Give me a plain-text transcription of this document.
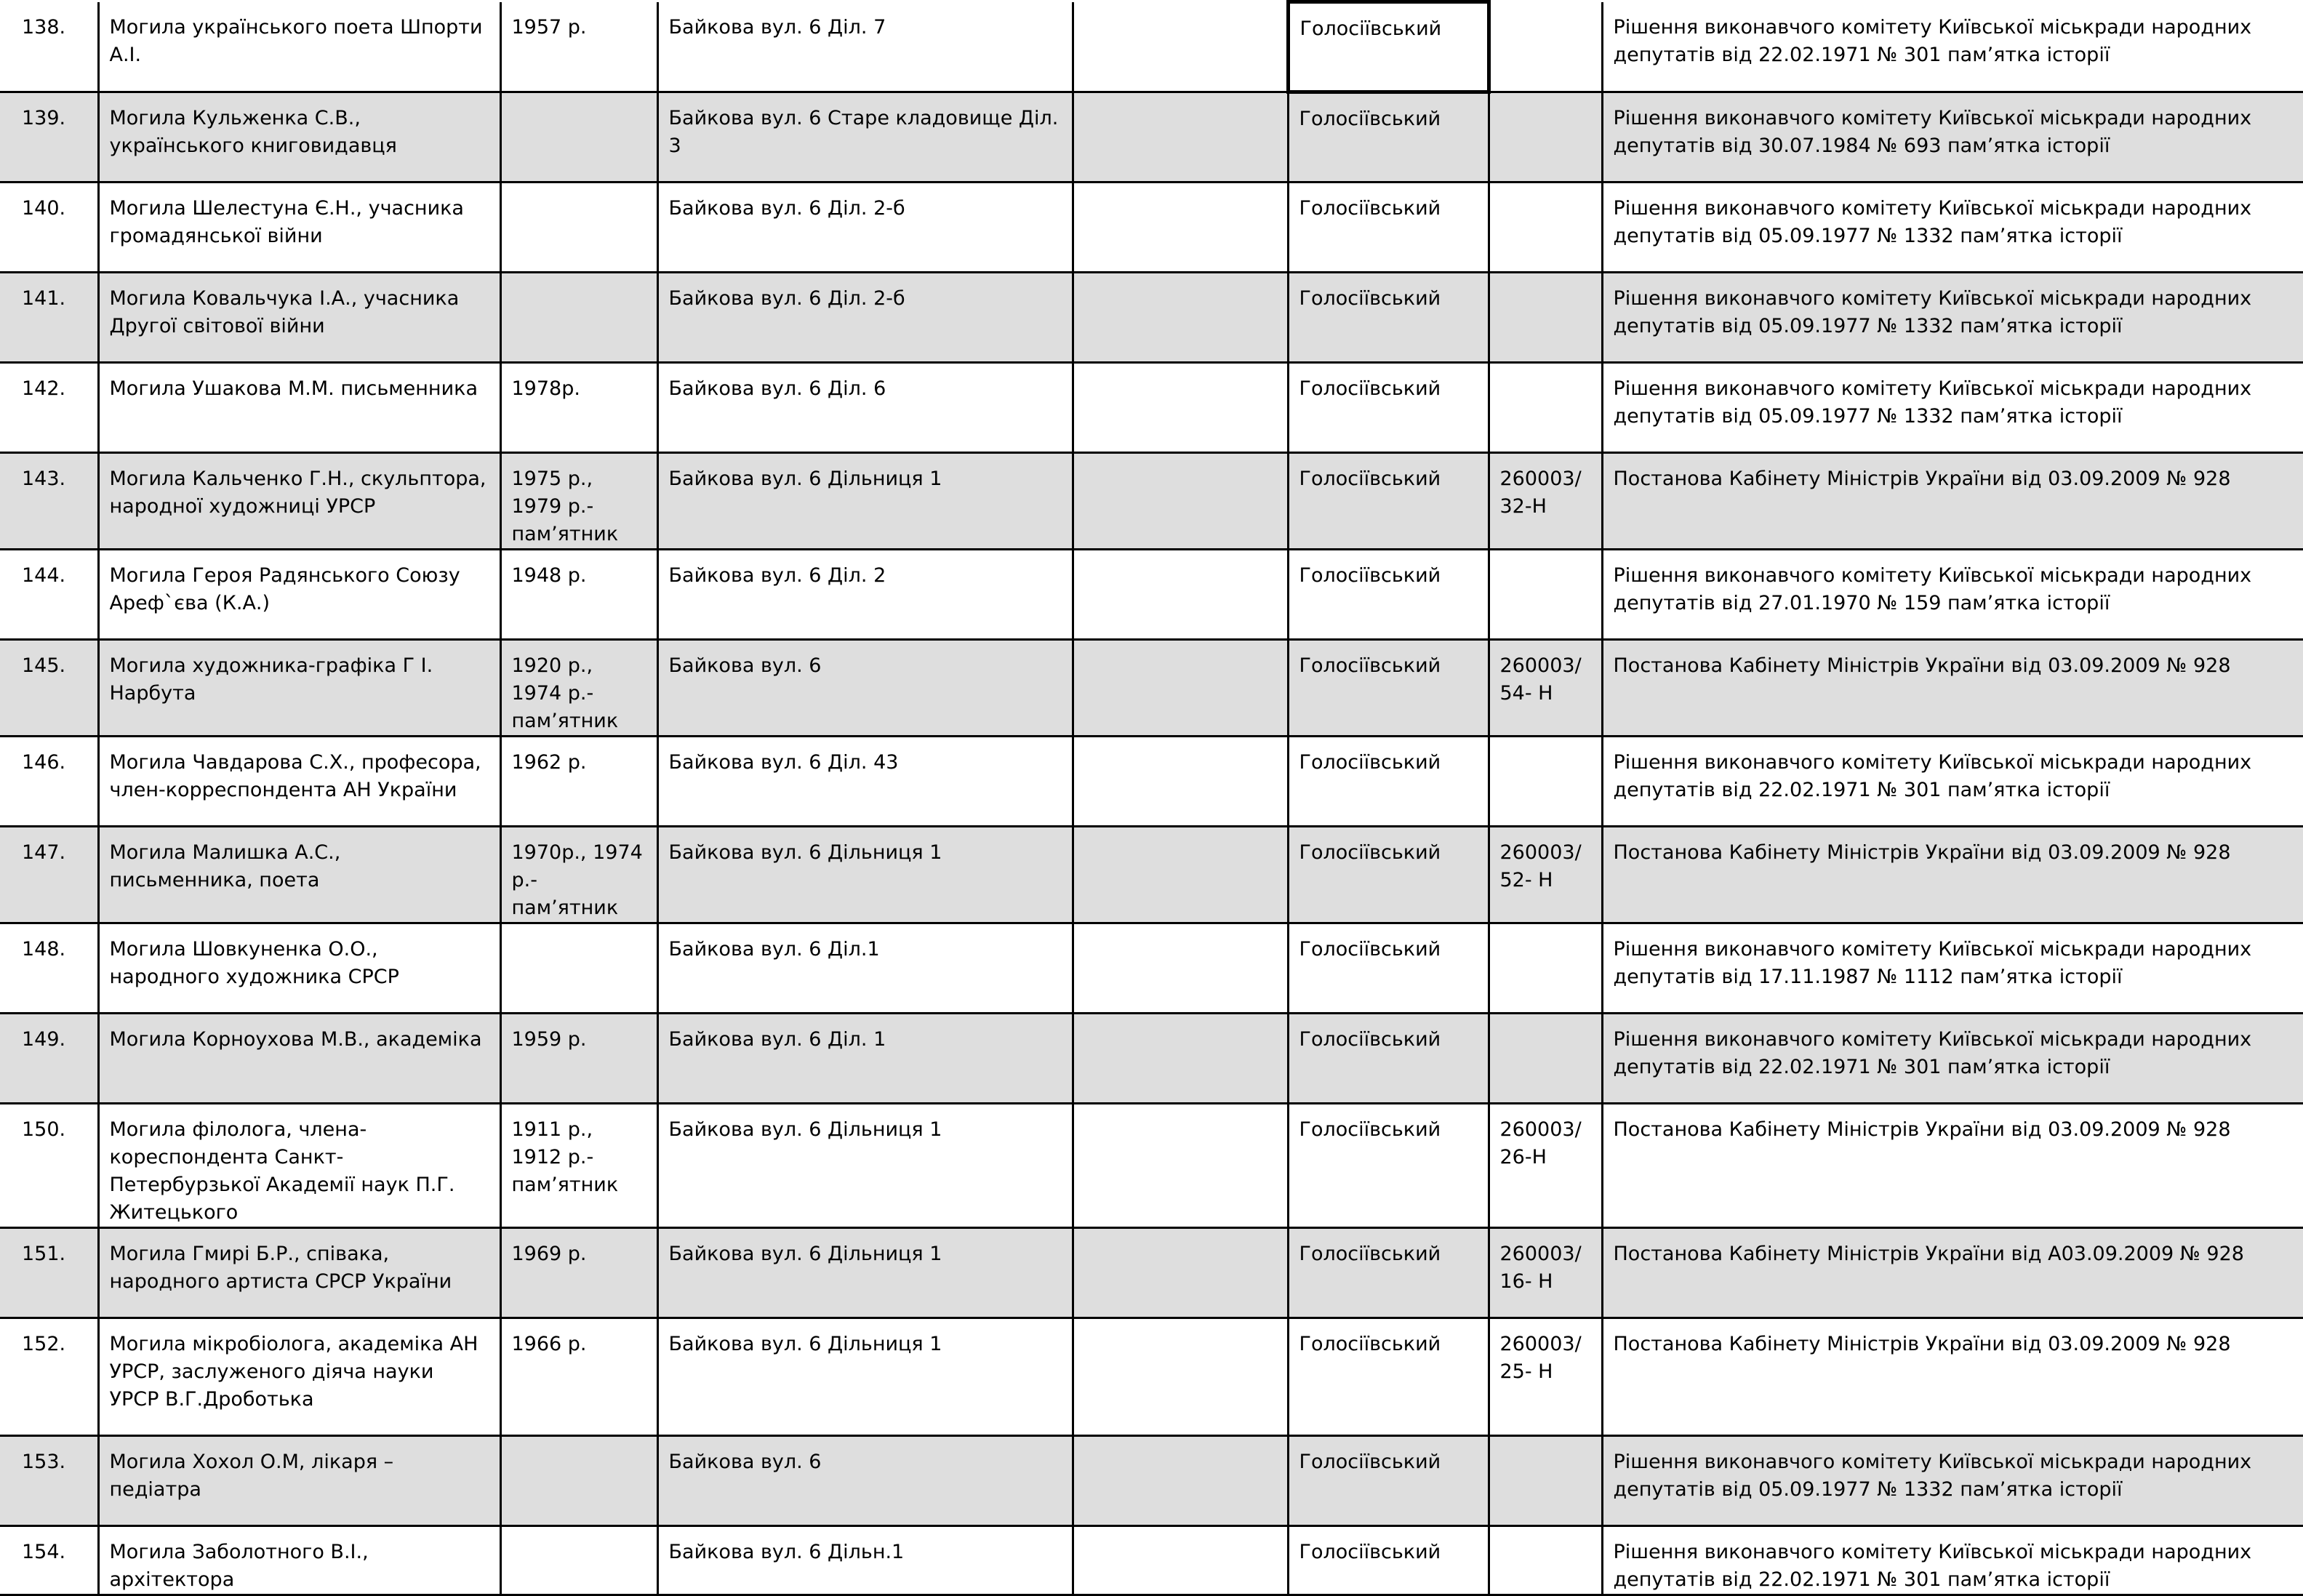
138.	Могила українського поета Шпорти А.І.	1957 р.	Байкова вул. 6 Діл. 7		Голосіївський		Рішення виконавчого комітету Київської міськради народних депутатів від 22.02.1971 № 301 пам’ятка історії
139.	Могила Кульженка С.В., українського книговидавця		Байкова вул. 6 Старе кладовище Діл. 3		Голосіївський		Рішення виконавчого комітету Київської міськради народних депутатів від 30.07.1984 № 693 пам’ятка історії
140.	Могила Шелестуна Є.Н., учасника громадянської війни		Байкова вул. 6 Діл. 2-б		Голосіївський		Рішення виконавчого комітету Київської міськради народних депутатів від 05.09.1977 № 1332 пам’ятка історії
141.	Могила Ковальчука І.А., учасника Другої світової війни		Байкова вул. 6 Діл. 2-б		Голосіївський		Рішення виконавчого комітету Київської міськради народних депутатів від 05.09.1977 № 1332 пам’ятка історії
142.	Могила Ушакова М.М. письменника	1978р.	Байкова вул. 6 Діл. 6		Голосіївський		Рішення виконавчого комітету Київської міськради народних депутатів від 05.09.1977 № 1332 пам’ятка історії
143.	Могила Кальченко Г.Н., скульптора, народної художниці УРСР	1975 р., 1979 р.- пам’ятник	Байкова вул. 6 Дільниця 1		Голосіївський	260003/32-Н	Постанова Кабінету Міністрів України від 03.09.2009 № 928
144.	Могила Героя Радянського Союзу Ареф`єва (К.А.)	1948 р.	Байкова вул. 6 Діл. 2		Голосіївський		Рішення виконавчого комітету Київської міськради народних депутатів від 27.01.1970 № 159 пам’ятка історії
145.	Могила художника-графіка Г І. Нарбута	1920 р., 1974 р.- пам’ятник	Байкова вул. 6		Голосіївський	260003/54- Н	Постанова Кабінету Міністрів України від 03.09.2009 № 928
146.	Могила Чавдарова С.Х., професора, член-корреспондента АН України	1962 р.	Байкова вул. 6 Діл. 43		Голосіївський		Рішення виконавчого комітету Київської міськради народних депутатів від 22.02.1971 № 301 пам’ятка історії
147.	Могила Малишка А.С., письменника, поета	1970р., 1974 р.- пам’ятник	Байкова вул. 6 Дільниця 1		Голосіївський	260003/52- Н	Постанова Кабінету Міністрів України від 03.09.2009 № 928
148.	Могила Шовкуненка О.О., народного художника СРСР		Байкова вул. 6 Діл.1		Голосіївський		Рішення виконавчого комітету Київської міськради народних депутатів від 17.11.1987 № 1112 пам’ятка історії
149.	Могила Корноухова М.В., академіка	1959 р.	Байкова вул. 6 Діл. 1		Голосіївський		Рішення виконавчого комітету Київської міськради народних депутатів від 22.02.1971 № 301 пам’ятка історії
150.	Могила філолога, члена-кореспондента Санкт-Петербурзької Академії наук П.Г. Житецького	1911 р., 1912 р.- пам’ятник	Байкова вул. 6 Дільниця 1		Голосіївський	260003/26-Н	Постанова Кабінету Міністрів України від 03.09.2009 № 928
151.	Могила Гмирі Б.Р., співака, народного артиста СРСР України	1969 р.	Байкова вул. 6 Дільниця 1		Голосіївський	260003/16- Н	Постанова Кабінету Міністрів України від А03.09.2009 № 928
152.	Могила мікробіолога, академіка АН УРСР, заслуженого діяча науки УРСР В.Г.Дроботька	1966 р.	Байкова вул. 6 Дільниця 1		Голосіївський	260003/25- Н	Постанова Кабінету Міністрів України від 03.09.2009 № 928
153.	Могила Хохол О.М, лікаря – педіатра		Байкова вул. 6		Голосіївський		Рішення виконавчого комітету Київської міськради народних депутатів від 05.09.1977 № 1332 пам’ятка історії
154.	Могила Заболотного В.І., архітектора		Байкова вул. 6 Дільн.1		Голосіївський		Рішення виконавчого комітету Київської міськради народних депутатів від 22.02.1971 № 301 пам’ятка історії
